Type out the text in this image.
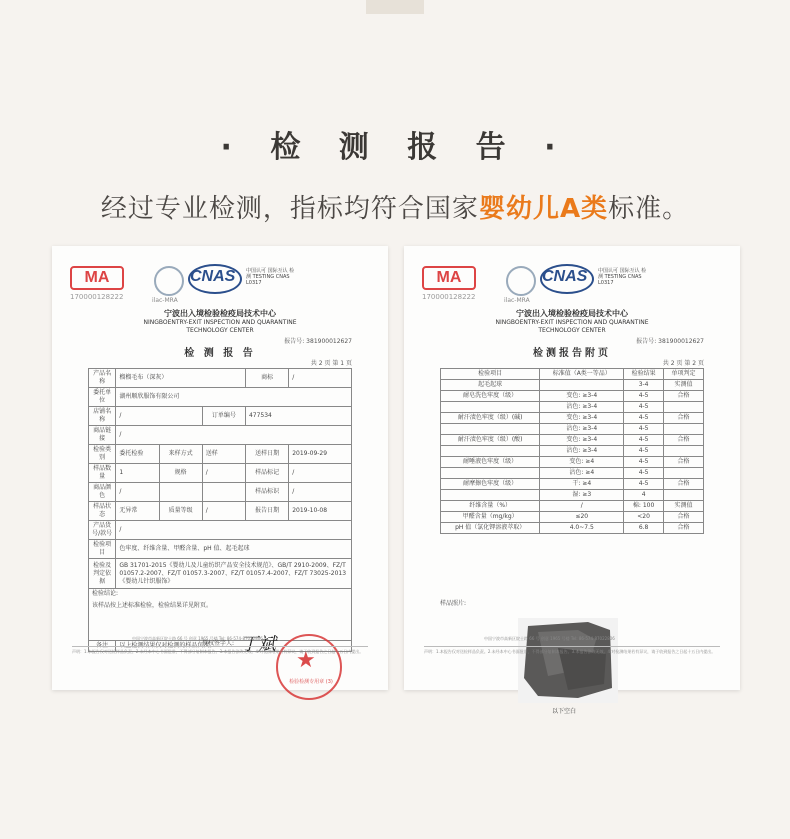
· 检 测 报 告 ·
经过专业检测，指标均符合国家婴幼儿A类标准。
MA
170000128222	ilac-MRA
CNAS 中国认可 国际互认 检测 TESTING CNAS L0317
宁波出入境检验检疫局技术中心
NINGBOENTRY-EXIT INSPECTION AND QUARANTINE
TECHNOLOGY CENTER
报告号: 381900012627
检 测 报 告
共 2 页 第 1 页
产品名称	榴榴毛布（深灰）			商标	/
委托单位	湖州顺欣服饰有限公司				
店铺名称	/		订单编号	477534	
商品链接	/				
检验类别	委托检验	来样方式	送样	送样日期	2019-09-29
样品数量	1	规格	/	样品标记	/
商品颜色	/			样品标识	/
样品状态	无异常	质量等级	/	报告日期	2019-10-08
产品货号/款号	/				
检验项目	色牢度、纤维含量、甲醛含量、pH 值、起毛起球				
检验及判定依据	GB 31701-2015《婴幼儿及儿童纺织产品安全技术规范》、GB/T 2910-2009、FZ/T 01057.2-2007、FZ/T 01057.3-2007、FZ/T 01057.4-2007、FZ/T 73025-2013《婴幼儿针织服饰》				

检验结论:
该样品按上述标准检验，检验结果详见附页。					

备注	以上检测结果仅对检测的样品负责。				
授权签字人: 丁斌
★
检验检测专用章 (3)
中国宁波市高新区院士路 66 号 创意 1965 号楼 Tel: 86-574-87022806
声明：1.本报告仅对送检样品负责。2.未经本中心书面批准，不得部分复制本报告。3.本报告涂改无效。4.对检测结果若有异议，请于收到报告之日起十五日内提出。
MA
170000128222	ilac-MRA
CNAS 中国认可 国际互认 检测 TESTING CNAS L0317
宁波出入境检验检疫局技术中心
NINGBOENTRY-EXIT INSPECTION AND QUARANTINE
TECHNOLOGY CENTER
报告号: 381900012627
检测报告附页
共 2 页 第 2 页
检验项目	标准值（A类一等品）	检验结果	单项判定
起毛起球		3-4	实测值
耐皂洗色牢度（级）	变色: ≥3-4	4-5	合格
	沾色: ≥3-4	4-5	
耐汗渍色牢度（级）(碱)	变色: ≥3-4	4-5	合格
	沾色: ≥3-4	4-5	
耐汗渍色牢度（级）(酸)	变色: ≥3-4	4-5	合格
	沾色: ≥3-4	4-5	
耐唾液色牢度（级）	变色: ≥4	4-5	合格
	沾色: ≥4	4-5	
耐摩擦色牢度（级）	干: ≥4	4-5	合格
	湿: ≥3	4	
纤维含量（%）	/	棉: 100	实测值
甲醛含量（mg/kg）	≤20	<20	合格
pH 值（氯化钾溶液萃取）	4.0~7.5	6.8	合格
样品照片:
以下空白
中国宁波市高新区院士路 66 号 创意 1965 号楼 Tel: 86-574-87022806
声明：1.本报告仅对送检样品负责。2.未经本中心书面批准，不得部分复制本报告。3.本报告涂改无效。4.对检测结果若有异议，请于收到报告之日起十五日内提出。
